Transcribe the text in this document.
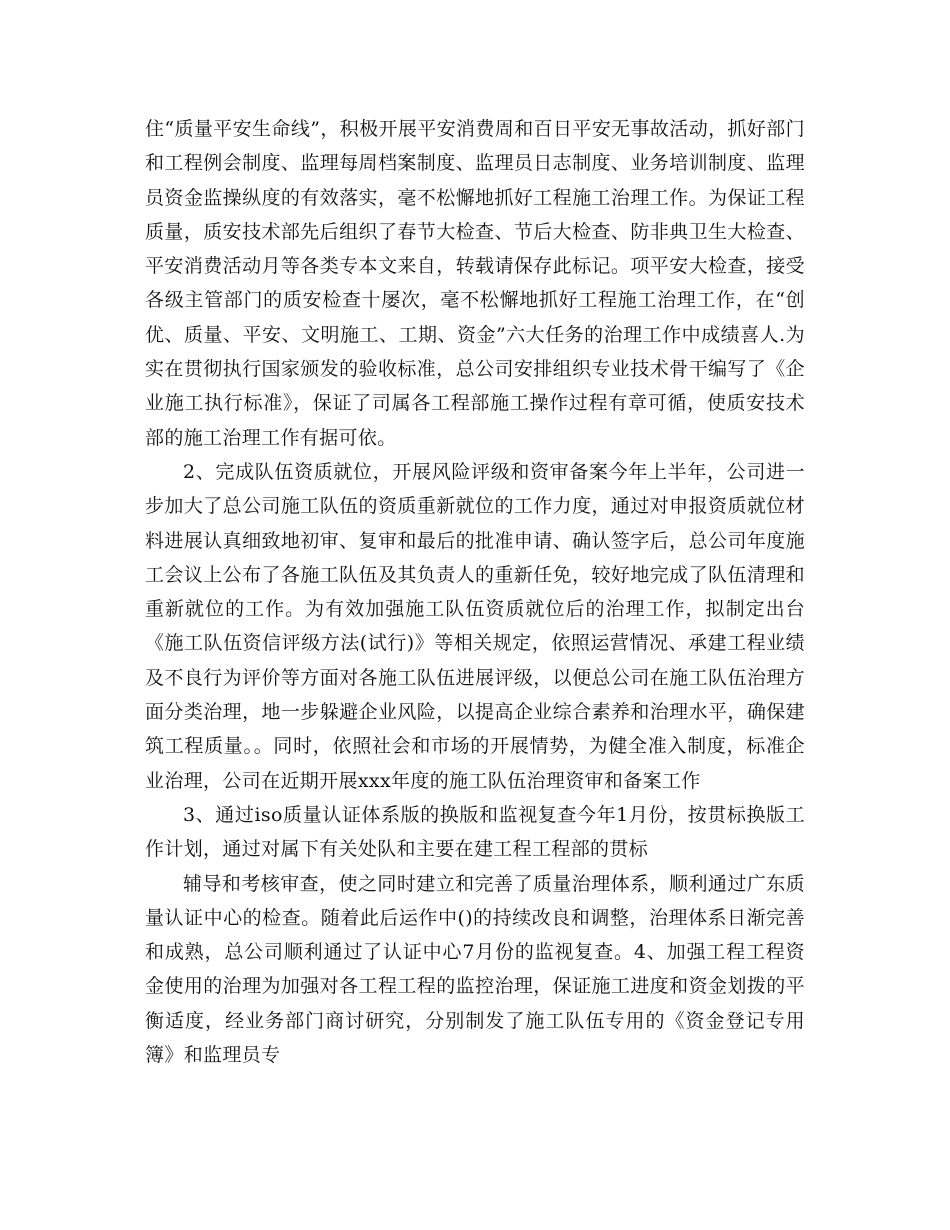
住“质量平安生命线”，积极开展平安消费周和百日平安无事故活动，抓好部门和工程例会制度、监理每周档案制度、监理员日志制度、业务培训制度、监理员资金监操纵度的有效落实，毫不松懈地抓好工程施工治理工作。为保证工程质量，质安技术部先后组织了春节大检查、节后大检查、防非典卫生大检查、平安消费活动月等各类专本文来自，转载请保存此标记。项平安大检查，接受各级主管部门的质安检查十屡次，毫不松懈地抓好工程施工治理工作，在“创优、质量、平安、文明施工、工期、资金”六大任务的治理工作中成绩喜人.为实在贯彻执行国家颁发的验收标准，总公司安排组织专业技术骨干编写了《企业施工执行标准》，保证了司属各工程部施工操作过程有章可循，使质安技术部的施工治理工作有据可依。

2、完成队伍资质就位，开展风险评级和资审备案今年上半年，公司进一步加大了总公司施工队伍的资质重新就位的工作力度，通过对申报资质就位材料进展认真细致地初审、复审和最后的批准申请、确认签字后，总公司年度施工会议上公布了各施工队伍及其负责人的重新任免，较好地完成了队伍清理和重新就位的工作。为有效加强施工队伍资质就位后的治理工作，拟制定出台《施工队伍资信评级方法(试行)》等相关规定，依照运营情况、承建工程业绩及不良行为评价等方面对各施工队伍进展评级，以便总公司在施工队伍治理方面分类治理，地一步躲避企业风险，以提高企业综合素养和治理水平，确保建筑工程质量。。同时，依照社会和市场的开展情势，为健全准入制度，标准企业治理，公司在近期开展xxx年度的施工队伍治理资审和备案工作

3、通过iso质量认证体系版的换版和监视复查今年1月份，按贯标换版工作计划，通过对属下有关处队和主要在建工程工程部的贯标

辅导和考核审查，使之同时建立和完善了质量治理体系，顺利通过广东质量认证中心的检查。随着此后运作中()的持续改良和调整，治理体系日渐完善和成熟，总公司顺利通过了认证中心7月份的监视复查。4、加强工程工程资金使用的治理为加强对各工程工程的监控治理，保证施工进度和资金划拨的平衡适度，经业务部门商讨研究，分别制发了施工队伍专用的《资金登记专用簿》和监理员专
